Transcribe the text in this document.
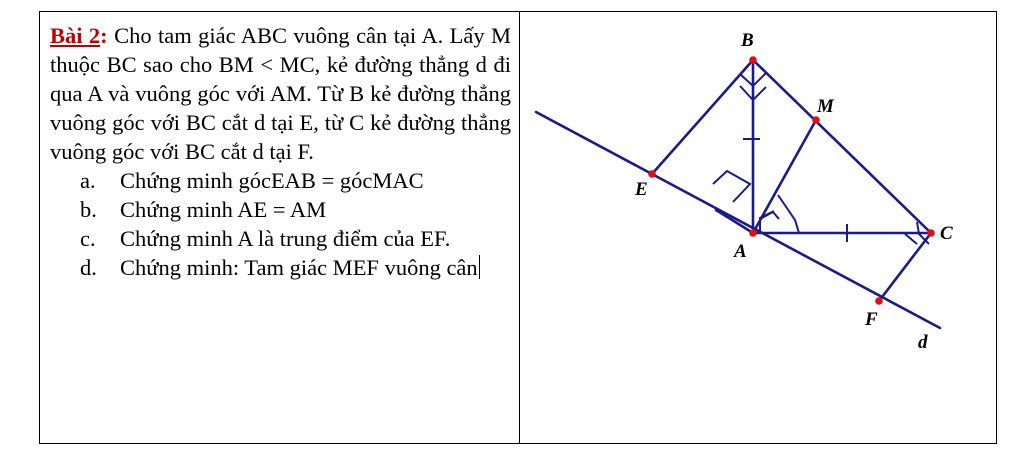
Bài 2: Cho tam giác ABC vuông cân tại A. Lấy M thuộc BC sao cho BM < MC, kẻ đường thẳng d đi qua A và vuông góc với AM. Từ B kẻ đường thẳng vuông góc với BC cắt d tại E, từ C kẻ đường thẳng vuông góc với BC cắt d tại F.
a.	Chứng minh gócEAB = gócMAC
b.	Chứng minh AE = AM
c.	Chứng minh A là trung điểm của EF.
d.	Chứng minh: Tam giác MEF vuông cân
B
M
E
A
C
F
d
